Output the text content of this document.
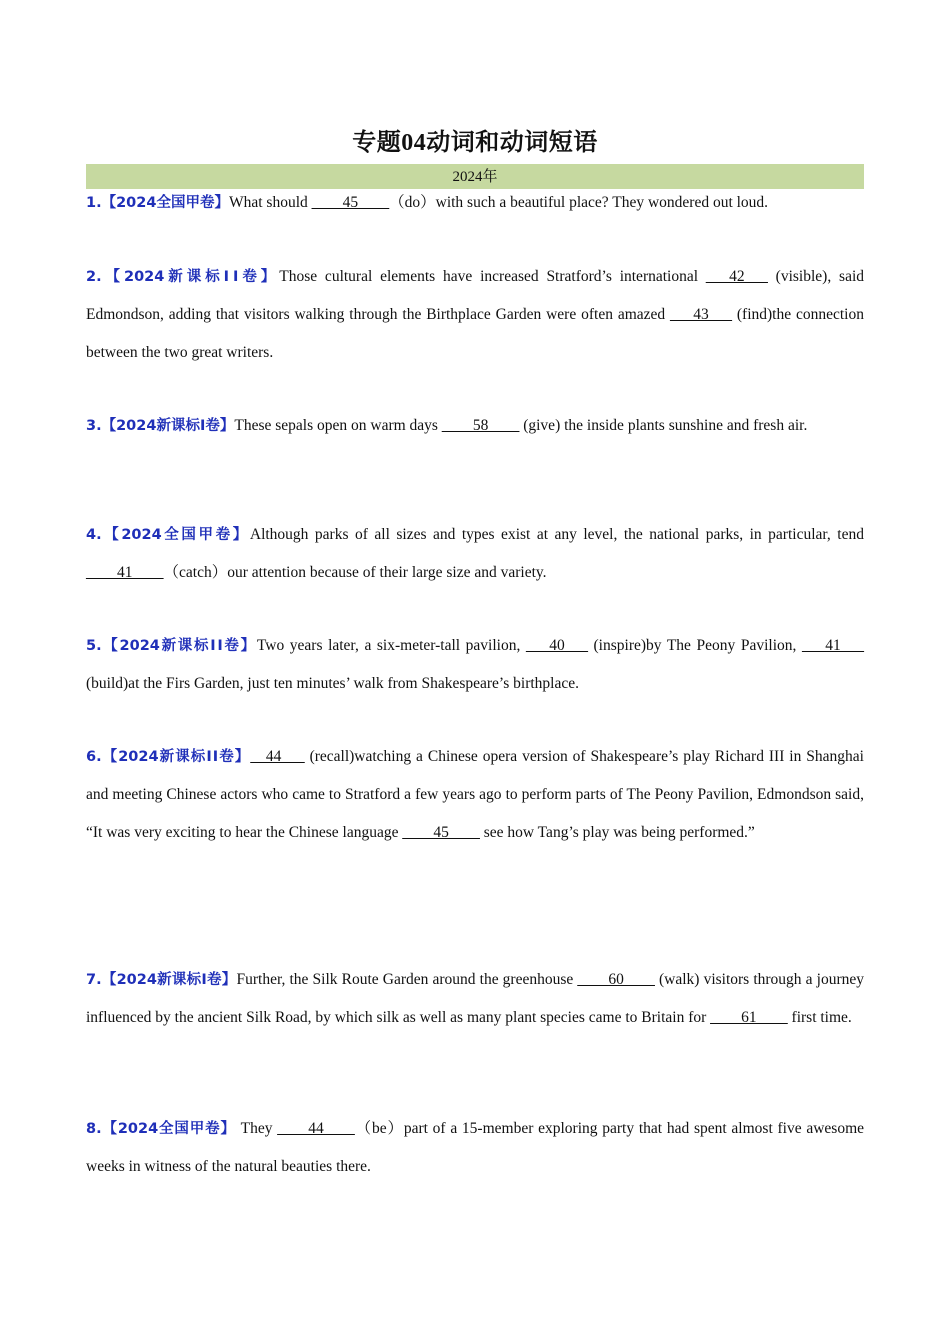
专题04动词和动词短语
2024年
1.【2024全国甲卷】What should ____45____（do）with such a beautiful place? They wondered out loud.
2.【2024新课标ⅠⅠ卷】Those cultural elements have increased Stratford’s international ___42___ (visible), said Edmondson, adding that visitors walking through the Birthplace Garden were often amazed ___43___ (find)the connection between the two great writers.
3.【2024新课标Ⅰ卷】These sepals open on warm days ____58____ (give) the inside plants sunshine and fresh air.
4.【2024全国甲卷】Although parks of all sizes and types exist at any level, the national parks, in particular, tend ____41____（catch）our attention because of their large size and variety.
5.【2024新课标ⅠⅠ卷】Two years later, a six-meter-tall pavilion, ___40___ (inspire)by The Peony Pavilion, ___41___ (build)at the Firs Garden, just ten minutes’ walk from Shakespeare’s birthplace.
6.【2024新课标ⅠⅠ卷】__44___ (recall)watching a Chinese opera version of Shakespeare’s play Richard III in Shanghai and meeting Chinese actors who came to Stratford a few years ago to perform parts of The Peony Pavilion, Edmondson said, “It was very exciting to hear the Chinese language ____45____ see how Tang’s play was being performed.”
7.【2024新课标Ⅰ卷】Further, the Silk Route Garden around the greenhouse ____60____ (walk) visitors through a journey influenced by the ancient Silk Road, by which silk as well as many plant species came to Britain for ____61____ first time.
8.【2024全国甲卷】 They ____44____（be）part of a 15-member exploring party that had spent almost five awesome weeks in witness of the natural beauties there.
